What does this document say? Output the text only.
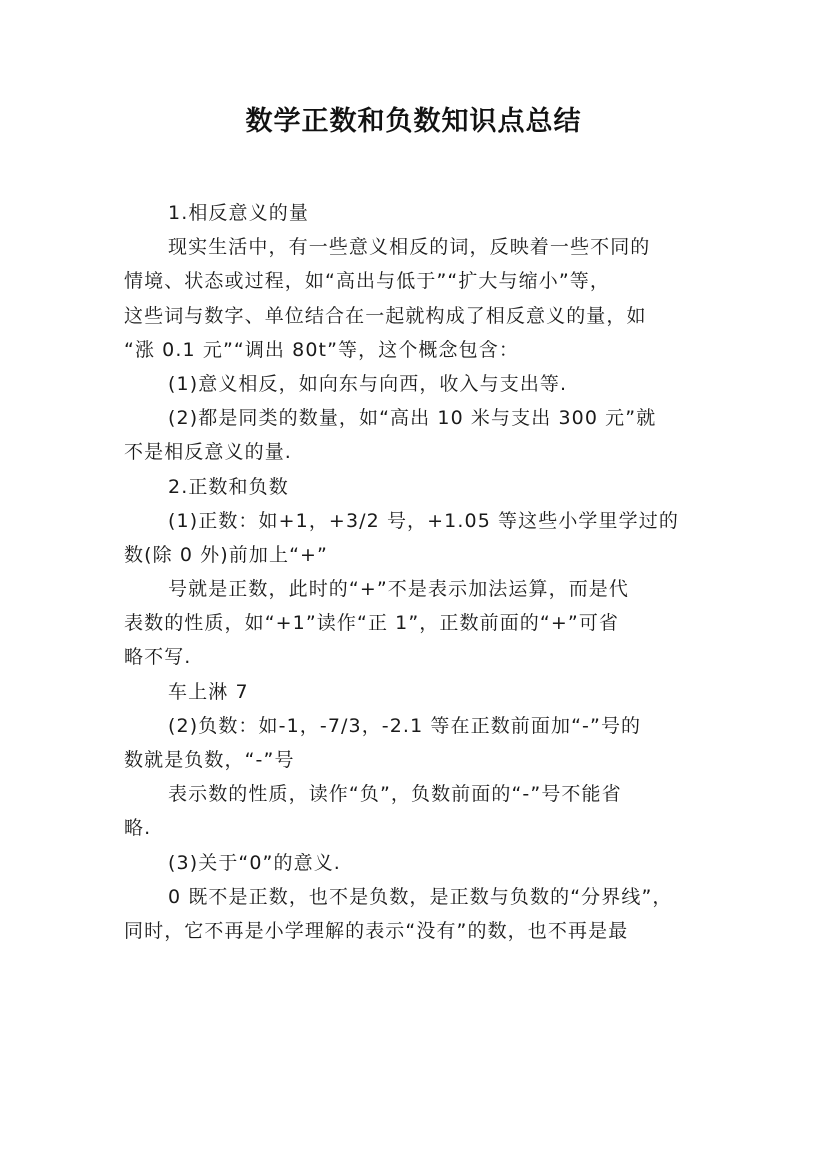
数学正数和负数知识点总结
1.相反意义的量
现实生活中，有一些意义相反的词，反映着一些不同的
情境、状态或过程，如“高出与低于”“扩大与缩小”等，
这些词与数字、单位结合在一起就构成了相反意义的量，如
“涨 0.1 元”“调出 80t”等，这个概念包含：
(1)意义相反，如向东与向西，收入与支出等.
(2)都是同类的数量，如“高出 10 米与支出 300 元”就
不是相反意义的量.
2.正数和负数
(1)正数：如+1，+3/2 号，+1.05 等这些小学里学过的
数(除 0 外)前加上“+”
号就是正数，此时的“+”不是表示加法运算，而是代
表数的性质，如“+1”读作“正 1”，正数前面的“+”可省
略不写.
车上淋 7
(2)负数：如-1，-7/3，-2.1 等在正数前面加“-”号的
数就是负数，“-”号
表示数的性质，读作“负”，负数前面的“-”号不能省
略.
(3)关于“0”的意义.
0 既不是正数，也不是负数，是正数与负数的“分界线”，
同时，它不再是小学理解的表示“没有”的数，也不再是最
